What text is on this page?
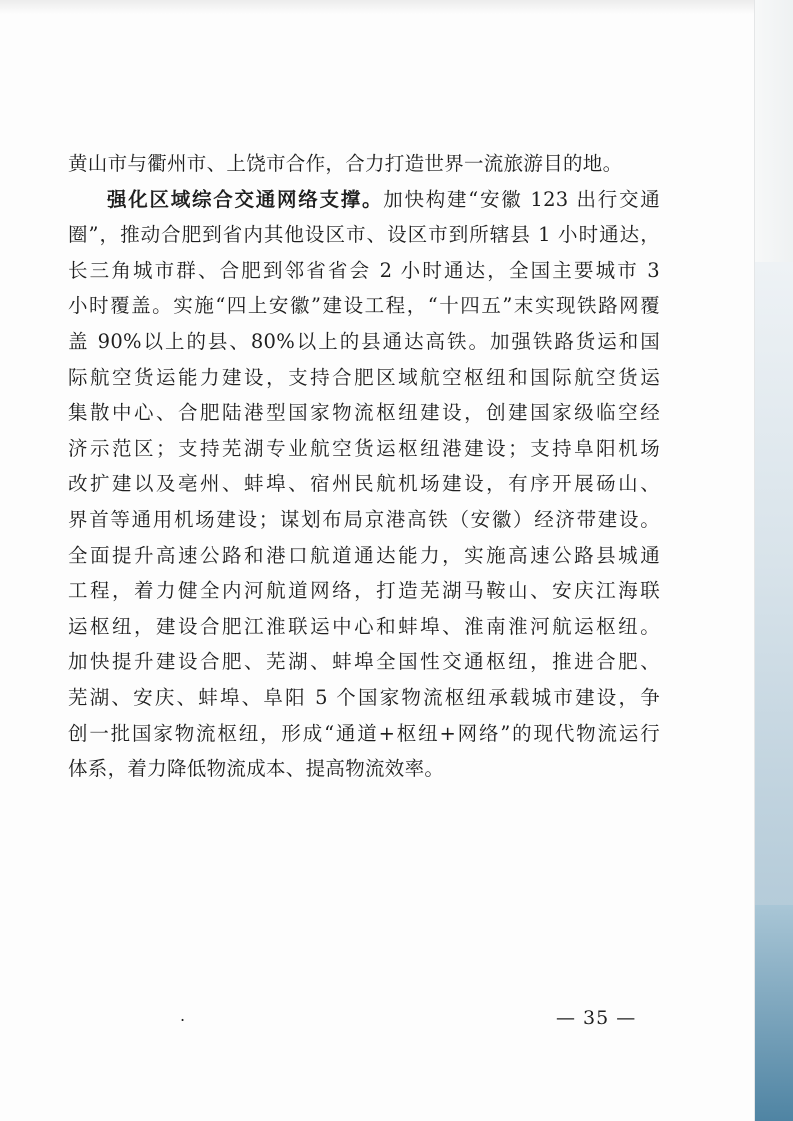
黄山市与衢州市、上饶市合作，合力打造世界一流旅游目的地。
强化区域综合交通网络支撑。加快构建“安徽 123 出行交通
圈”，推动合肥到省内其他设区市、设区市到所辖县 1 小时通达，
长三角城市群、合肥到邻省省会 2 小时通达，全国主要城市 3
小时覆盖。实施“四上安徽”建设工程，“十四五”末实现铁路网覆
盖 90%以上的县、80%以上的县通达高铁。加强铁路货运和国
际航空货运能力建设，支持合肥区域航空枢纽和国际航空货运
集散中心、合肥陆港型国家物流枢纽建设，创建国家级临空经
济示范区；支持芜湖专业航空货运枢纽港建设；支持阜阳机场
改扩建以及亳州、蚌埠、宿州民航机场建设，有序开展砀山、
界首等通用机场建设；谋划布局京港高铁（安徽）经济带建设。
全面提升高速公路和港口航道通达能力，实施高速公路县城通
工程，着力健全内河航道网络，打造芜湖马鞍山、安庆江海联
运枢纽，建设合肥江淮联运中心和蚌埠、淮南淮河航运枢纽。
加快提升建设合肥、芜湖、蚌埠全国性交通枢纽，推进合肥、
芜湖、安庆、蚌埠、阜阳 5 个国家物流枢纽承载城市建设，争
创一批国家物流枢纽，形成“通道+枢纽+网络”的现代物流运行
体系，着力降低物流成本、提高物流效率。
.	— 35 —
